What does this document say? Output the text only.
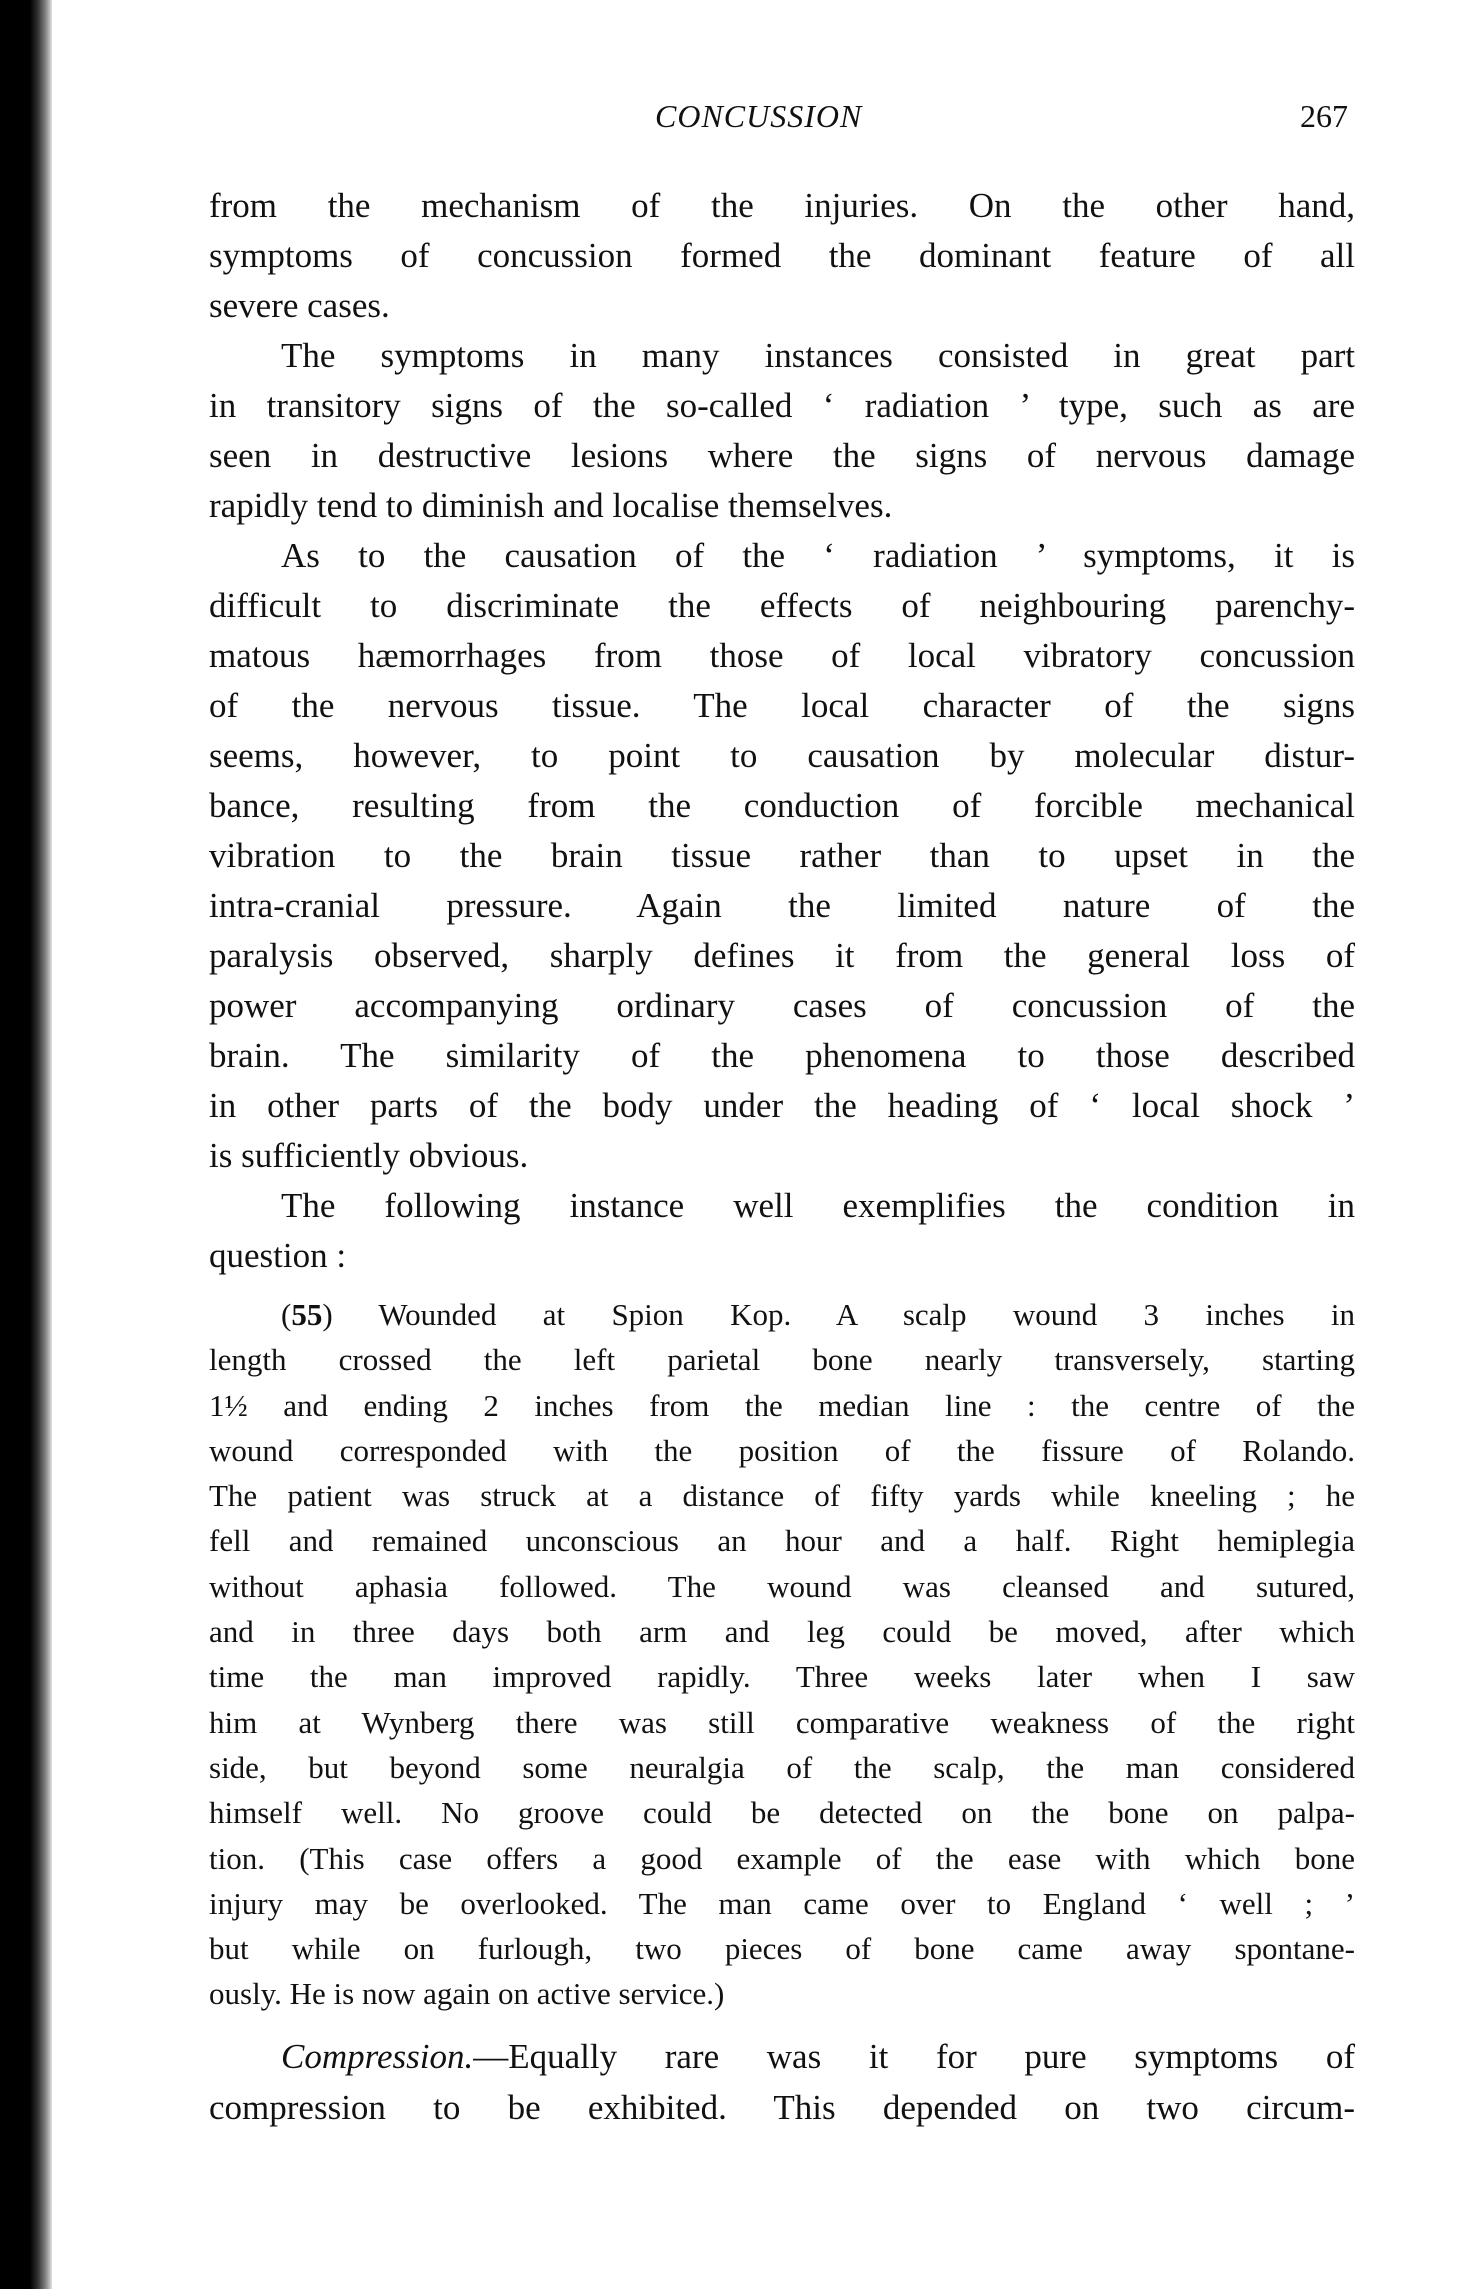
CONCUSSION	267
from the mechanism of the injuries. On the other hand,
symptoms of concussion formed the dominant feature of all
severe cases.
The symptoms in many instances consisted in great part
in transitory signs of the so-called ‘ radiation ’ type, such as are
seen in destructive lesions where the signs of nervous damage
rapidly tend to diminish and localise themselves.
As to the causation of the ‘ radiation ’ symptoms, it is
difficult to discriminate the effects of neighbouring parenchy-
matous hæmorrhages from those of local vibratory concussion
of the nervous tissue. The local character of the signs
seems, however, to point to causation by molecular distur-
bance, resulting from the conduction of forcible mechanical
vibration to the brain tissue rather than to upset in the
intra-cranial pressure. Again the limited nature of the
paralysis observed, sharply defines it from the general loss of
power accompanying ordinary cases of concussion of the
brain. The similarity of the phenomena to those described
in other parts of the body under the heading of ‘ local shock ’
is sufficiently obvious.
The following instance well exemplifies the condition in
question :
(55) Wounded at Spion Kop. A scalp wound 3 inches in
length crossed the left parietal bone nearly transversely, starting
1½ and ending 2 inches from the median line : the centre of the
wound corresponded with the position of the fissure of Rolando.
The patient was struck at a distance of fifty yards while kneeling ; he
fell and remained unconscious an hour and a half. Right hemiplegia
without aphasia followed. The wound was cleansed and sutured,
and in three days both arm and leg could be moved, after which
time the man improved rapidly. Three weeks later when I saw
him at Wynberg there was still comparative weakness of the right
side, but beyond some neuralgia of the scalp, the man considered
himself well. No groove could be detected on the bone on palpa-
tion. (This case offers a good example of the ease with which bone
injury may be overlooked. The man came over to England ‘ well ; ’
but while on furlough, two pieces of bone came away spontane-
ously. He is now again on active service.)
Compression.—Equally rare was it for pure symptoms of
compression to be exhibited. This depended on two circum-
